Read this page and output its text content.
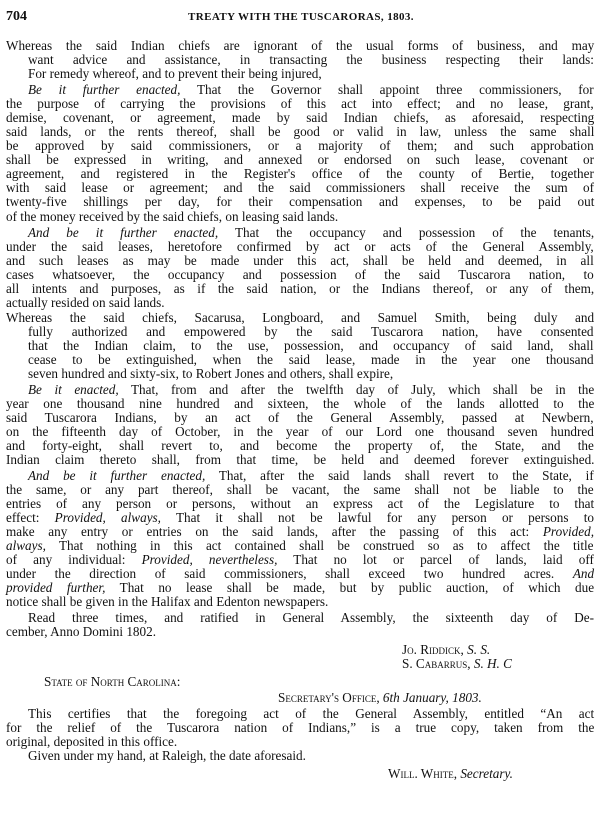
704	TREATY WITH THE TUSCARORAS, 1803.
Whereas the said Indian chiefs are ignorant of the usual forms of business, and may
want advice and assistance, in transacting the business respecting their lands:
For remedy whereof, and to prevent their being injured,
Be it further enacted, That the Governor shall appoint three commissioners, for
the purpose of carrying the provisions of this act into effect; and no lease, grant,
demise, covenant, or agreement, made by said Indian chiefs, as aforesaid, respecting
said lands, or the rents thereof, shall be good or valid in law, unless the same shall
be approved by said commissioners, or a majority of them; and such approbation
shall be expressed in writing, and annexed or endorsed on such lease, covenant or
agreement, and registered in the Register's office of the county of Bertie, together
with said lease or agreement; and the said commissioners shall receive the sum of
twenty-five shillings per day, for their compensation and expenses, to be paid out
of the money received by the said chiefs, on leasing said lands.
And be it further enacted, That the occupancy and possession of the tenants,
under the said leases, heretofore confirmed by act or acts of the General Assembly,
and such leases as may be made under this act, shall be held and deemed, in all
cases whatsoever, the occupancy and possession of the said Tuscarora nation, to
all intents and purposes, as if the said nation, or the Indians thereof, or any of them,
actually resided on said lands.
Whereas the said chiefs, Sacarusa, Longboard, and Samuel Smith, being duly and
fully authorized and empowered by the said Tuscarora nation, have consented
that the Indian claim, to the use, possession, and occupancy of said land, shall
cease to be extinguished, when the said lease, made in the year one thousand
seven hundred and sixty-six, to Robert Jones and others, shall expire,
Be it enacted, That, from and after the twelfth day of July, which shall be in the
year one thousand nine hundred and sixteen, the whole of the lands allotted to the
said Tuscarora Indians, by an act of the General Assembly, passed at Newbern,
on the fifteenth day of October, in the year of our Lord one thousand seven hundred
and forty-eight, shall revert to, and become the property of, the State, and the
Indian claim thereto shall, from that time, be held and deemed forever extinguished.
And be it further enacted, That, after the said lands shall revert to the State, if
the same, or any part thereof, shall be vacant, the same shall not be liable to the
entries of any person or persons, without an express act of the Legislature to that
effect: Provided, always, That it shall not be lawful for any person or persons to
make any entry or entries on the said lands, after the passing of this act: Provided,
always, That nothing in this act contained shall be construed so as to affect the title
of any individual: Provided, nevertheless, That no lot or parcel of lands, laid off
under the direction of said commissioners, shall exceed two hundred acres. And
provided further, That no lease shall be made, but by public auction, of which due
notice shall be given in the Halifax and Edenton newspapers.
Read three times, and ratified in General Assembly, the sixteenth day of De-
cember, Anno Domini 1802.
Jo. Riddick, S. S.
S. Cabarrus, S. H. C
State of North Carolina:
Secretary's Office, 6th January, 1803.
This certifies that the foregoing act of the General Assembly, entitled “An act
for the relief of the Tuscarora nation of Indians,” is a true copy, taken from the
original, deposited in this office.
Given under my hand, at Raleigh, the date aforesaid.
Will. White, Secretary.
